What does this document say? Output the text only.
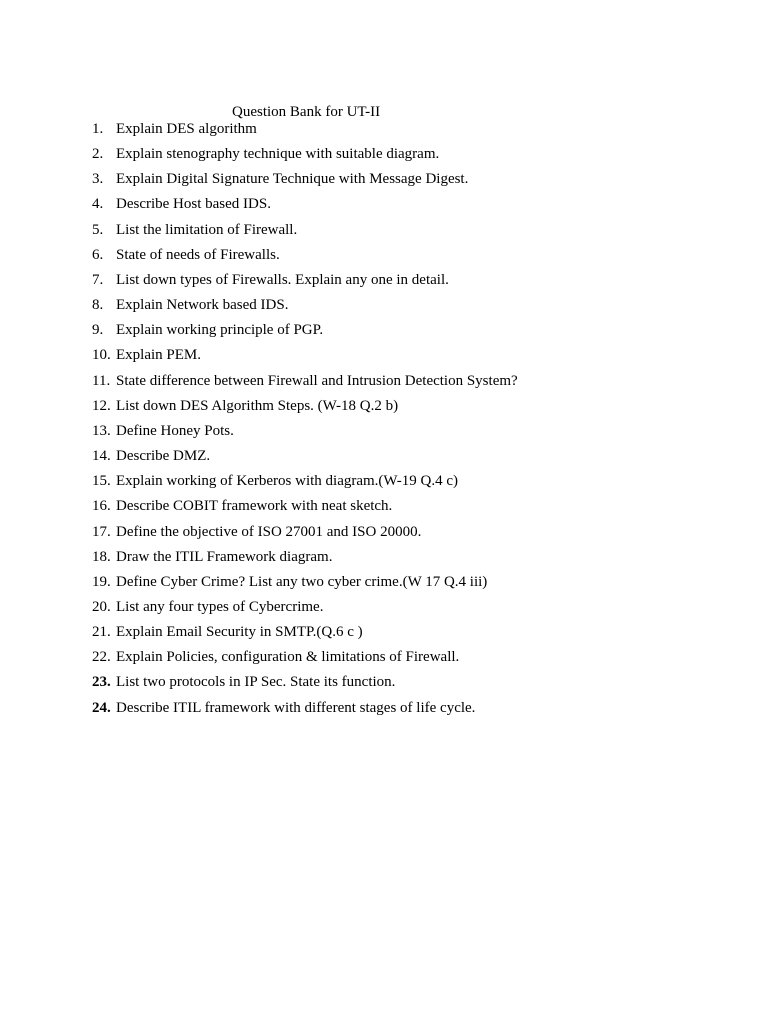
Question Bank for UT-II
1. Explain DES algorithm
2. Explain stenography technique with suitable diagram.
3. Explain Digital Signature Technique with Message Digest.
4. Describe Host based IDS.
5. List the limitation of Firewall.
6. State of needs of Firewalls.
7. List down types of Firewalls. Explain any one in detail.
8. Explain Network based IDS.
9. Explain working principle of PGP.
10. Explain PEM.
11. State difference between Firewall and Intrusion Detection System?
12. List down DES Algorithm Steps. (W-18 Q.2 b)
13. Define Honey Pots.
14. Describe DMZ.
15. Explain working of Kerberos with diagram.(W-19 Q.4 c)
16. Describe COBIT framework with neat sketch.
17. Define the objective of ISO 27001 and ISO 20000.
18. Draw the ITIL Framework diagram.
19. Define Cyber Crime? List any two cyber crime.(W 17 Q.4 iii)
20. List any four types of Cybercrime.
21. Explain Email Security in SMTP.(Q.6 c )
22. Explain Policies, configuration & limitations of Firewall.
23. List two protocols in IP Sec. State its function.
24. Describe ITIL framework with different stages of life cycle.
